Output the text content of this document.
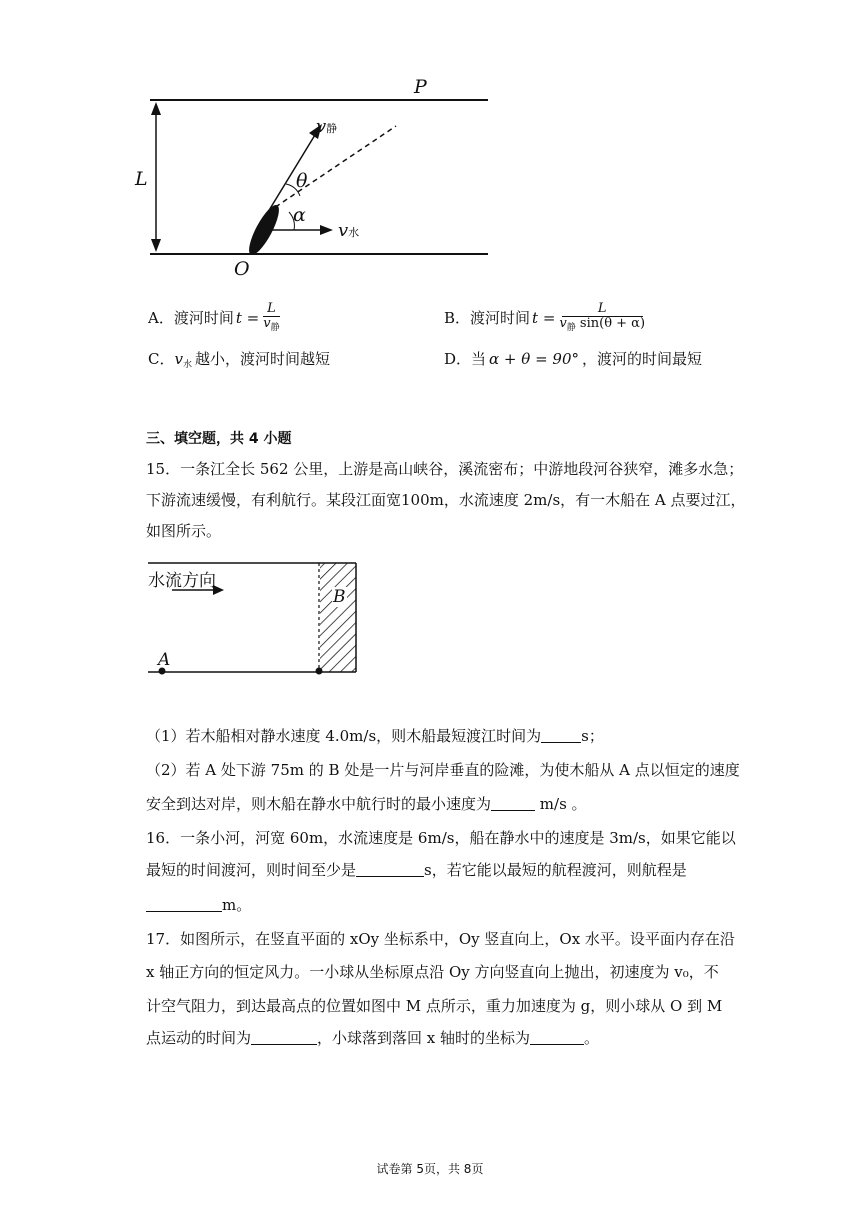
P
L
O
θ
α
v静
v水
A．渡河时间 $t = \frac{L}{v_静}$	B．渡河时间 $t = \frac{L}{v_静 \sin(\theta + \alpha)}$
C．$v_水$ 越小，渡河时间越短	D．当 α + θ = 90° ，渡河的时间最短
三、填空题，共 4 小题
15．一条江全长 562 公里，上游是高山峡谷，溪流密布；中游地段河谷狭窄，滩多水急；
下游流速缓慢，有利航行。某段江面宽100m，水流速度 2m/s，有一木船在 A 点要过江，
如图所示。
水流方向
A
B
（1）若木船相对静水速度 4.0m/s，则木船最短渡江时间为	s；
（2）若 A 处下游 75m 的 B 处是一片与河岸垂直的险滩，为使木船从 A 点以恒定的速度
安全到达对岸，则木船在静水中航行时的最小速度为	m/s 。
16．一条小河，河宽 60m，水流速度是 6m/s，船在静水中的速度是 3m/s，如果它能以
最短的时间渡河，则时间至少是	s，若它能以最短的航程渡河，则航程是
m。
17．如图所示，在竖直平面的 xOy 坐标系中，Oy 竖直向上，Ox 水平。设平面内存在沿
x 轴正方向的恒定风力。一小球从坐标原点沿 Oy 方向竖直向上抛出，初速度为 v₀，不
计空气阻力，到达最高点的位置如图中 M 点所示，重力加速度为 g，则小球从 O 到 M
点运动的时间为	，小球落到落回 x 轴时的坐标为	。
试卷第 5页，共 8页
